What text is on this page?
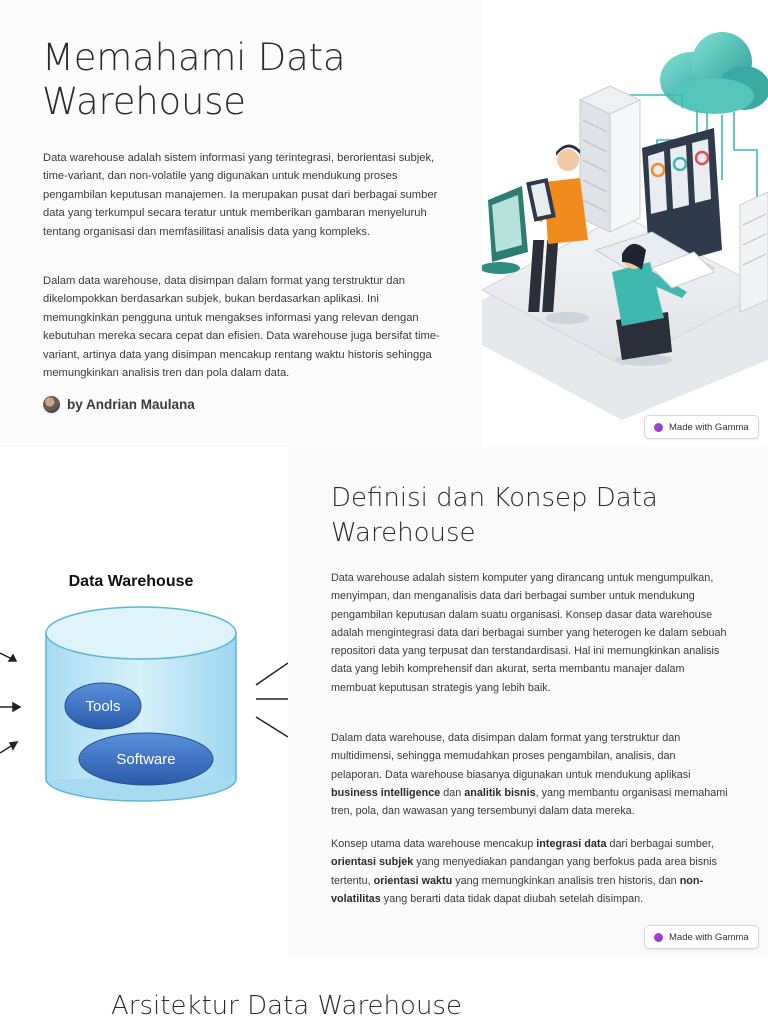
Memahami Data Warehouse

Data warehouse adalah sistem informasi yang terintegrasi, berorientasi subjek, time-variant, dan non-volatile yang digunakan untuk mendukung proses pengambilan keputusan manajemen. Ia merupakan pusat dari berbagai sumber data yang terkumpul secara teratur untuk memberikan gambaran menyeluruh tentang organisasi dan memfasilitasi analisis data yang kompleks.

Dalam data warehouse, data disimpan dalam format yang terstruktur dan dikelompokkan berdasarkan subjek, bukan berdasarkan aplikasi. Ini memungkinkan pengguna untuk mengakses informasi yang relevan dengan kebutuhan mereka secara cepat dan efisien. Data warehouse juga bersifat time-variant, artinya data yang disimpan mencakup rentang waktu historis sehingga memungkinkan analisis tren dan pola dalam data.

by Andrian Maulana
Made with Gamma
Data Warehouse
Tools
Software
Definisi dan Konsep Data Warehouse

Data warehouse adalah sistem komputer yang dirancang untuk mengumpulkan, menyimpan, dan menganalisis data dari berbagai sumber untuk mendukung pengambilan keputusan dalam suatu organisasi. Konsep dasar data warehouse adalah mengintegrasi data dari berbagai sumber yang heterogen ke dalam sebuah repositori data yang terpusat dan terstandardisasi. Hal ini memungkinkan analisis data yang lebih komprehensif dan akurat, serta membantu manajer dalam membuat keputusan strategis yang lebih baik.

Dalam data warehouse, data disimpan dalam format yang terstruktur dan multidimensi, sehingga memudahkan proses pengambilan, analisis, dan pelaporan. Data warehouse biasanya digunakan untuk mendukung aplikasi business intelligence dan analitik bisnis, yang membantu organisasi memahami tren, pola, dan wawasan yang tersembunyi dalam data mereka.

Konsep utama data warehouse mencakup integrasi data dari berbagai sumber, orientasi subjek yang menyediakan pandangan yang berfokus pada area bisnis tertentu, orientasi waktu yang memungkinkan analisis tren historis, dan non-volatilitas yang berarti data tidak dapat diubah setelah disimpan.

Made with Gamma
Arsitektur Data Warehouse
